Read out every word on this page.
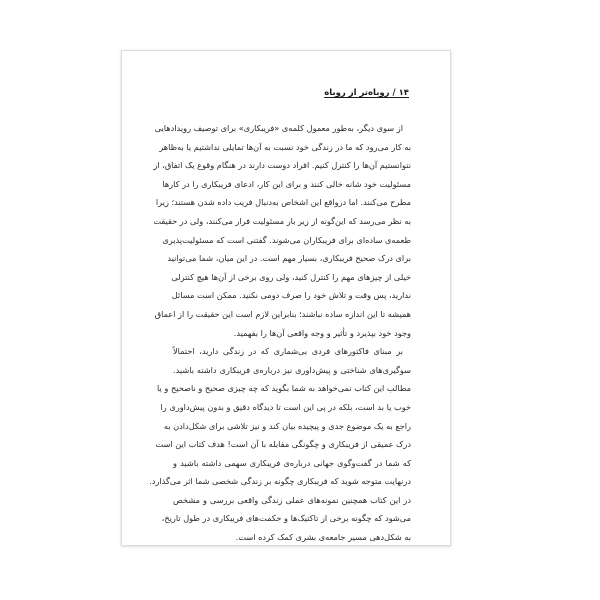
۱۴ / روباه‌تر از روباه
از سوی دیگر، به‌طور معمول کلمه‌ی «فریبکاری» برای توصیف رویدادهایی
به کار می‌رود که ما در زندگی خود نسبت به آن‌ها تمایلی نداشتیم یا به‌ظاهر
نتوانستیم آن‌ها را کنترل کنیم. افراد دوست دارند در هنگام وقوع یک اتفاق، از
مسئولیت خود شانه خالی کنند و برای این کار، ادعای فریبکاری را در کارها
مطرح می‌کنند. اما درواقع این اشخاص به‌دنبال فریب داده شدن هستند؛ زیرا
به نظر می‌رسد که این‌گونه از زیر بار مسئولیت فرار می‌کنند، ولی در حقیقت
طعمه‌ی ساده‌ای برای فریبکاران می‌شوند. گفتنی است که مسئولیت‌پذیری
برای درک صحیح فریبکاری، بسیار مهم است. در این میان، شما می‌توانید
خیلی از چیزهای مهم را کنترل کنید، ولی روی برخی از آن‌ها هیچ کنترلی
ندارید، پس وقت و تلاش خود را صرف دومی نکنید. ممکن است مسائل
همیشه تا این اندازه ساده نباشند؛ بنابراین لازم است این حقیقت را از اعماق
وجود خود بپذیرد و تأثیر و وجه واقعی آن‌ها را بفهمید.
بر مبنای فاکتورهای فردی بی‌شماری که در زندگی دارید، احتمالاً
سوگیری‌های شناختی و پیش‌داوری نیز درباره‌ی فریبکاری داشته باشید.
مطالب این کتاب نمی‌خواهد به شما بگوید که چه چیزی صحیح و ناصحیح و یا
خوب یا بد است، بلکه در پی این است تا دیدگاه دقیق و بدون پیش‌داوری را
راجع به یک موضوع جدی و پیچیده بیان کند و نیز تلاشی برای شکل‌دادن به
درک عمیقی از فریبکاری و چگونگی مقابله با آن است! هدف کتاب این است
که شما در گفت‌وگوی جهانی درباره‌ی فریبکاری سهمی داشته باشید و
درنهایت متوجه شوید که فریبکاری چگونه بر زندگی شخصی شما اثر می‌گذارد.
در این کتاب همچنین نمونه‌های عملی زندگی واقعی بررسی و مشخص
می‌شود که چگونه برخی از تاکتیک‌ها و حکمت‌های فریبکاری در طول تاریخ،
به شکل‌دهی مسیر جامعه‌ی بشری کمک کرده است.
